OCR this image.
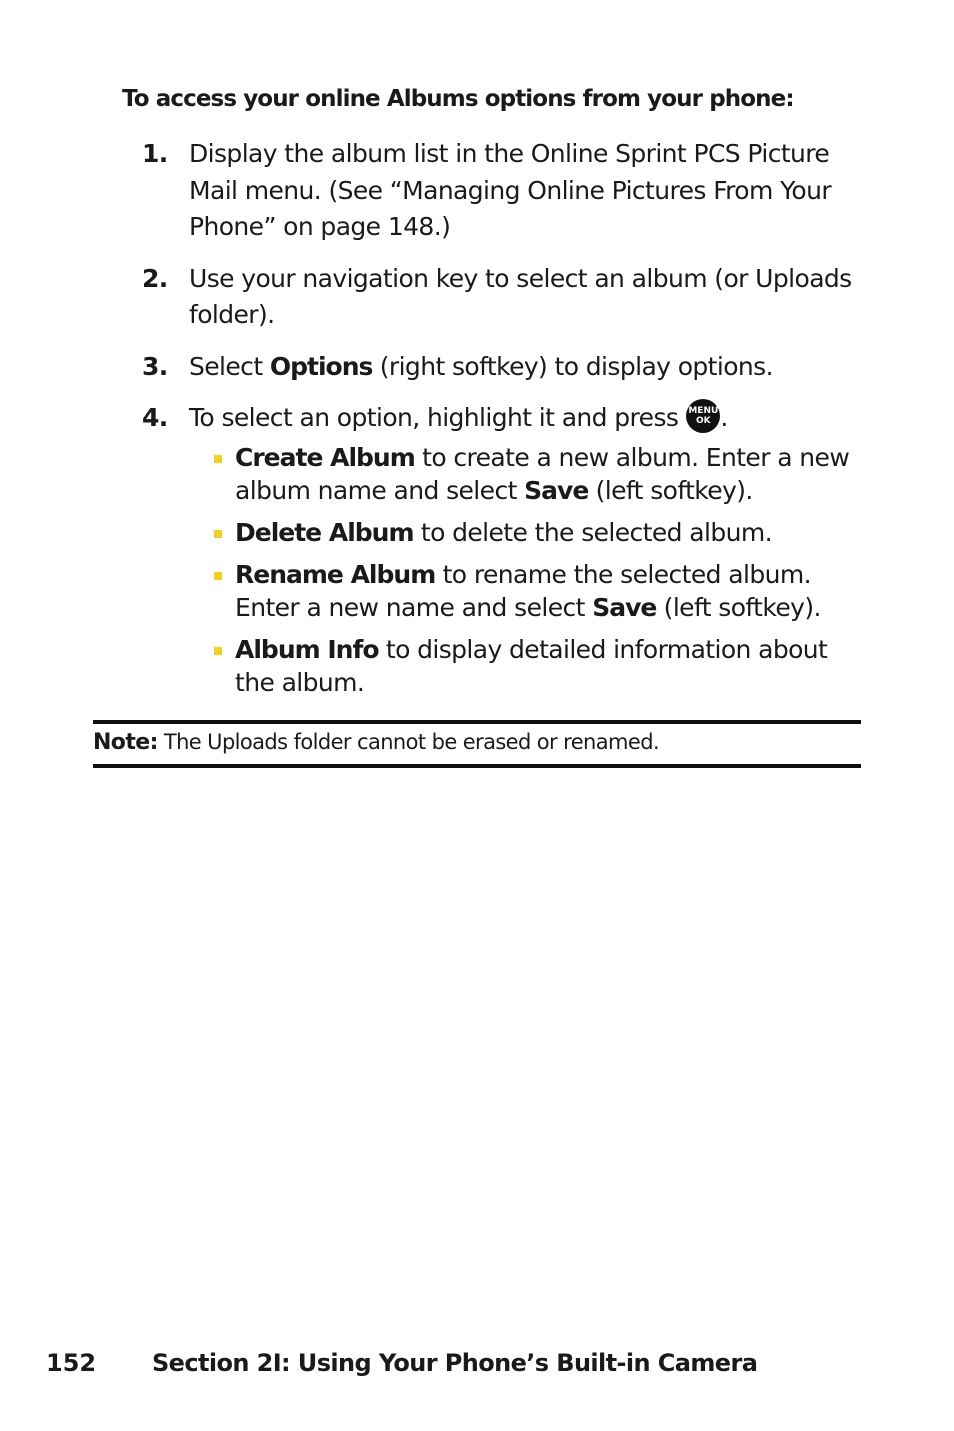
To access your online Albums options from your phone:
1. Display the album list in the Online Sprint PCS Picture Mail menu. (See “Managing Online Pictures From Your Phone” on page 148.)
2. Use your navigation key to select an album (or Uploads folder).
3. Select Options (right softkey) to display options.
4. To select an option, highlight it and press MENU
OK .
Create Album to create a new album. Enter a new album name and select Save (left softkey).
Delete Album to delete the selected album.
Rename Album to rename the selected album. Enter a new name and select Save (left softkey).
Album Info to display detailed information about the album.
Note: The Uploads folder cannot be erased or renamed.
152 Section 2I: Using Your Phone’s Built-in Camera
